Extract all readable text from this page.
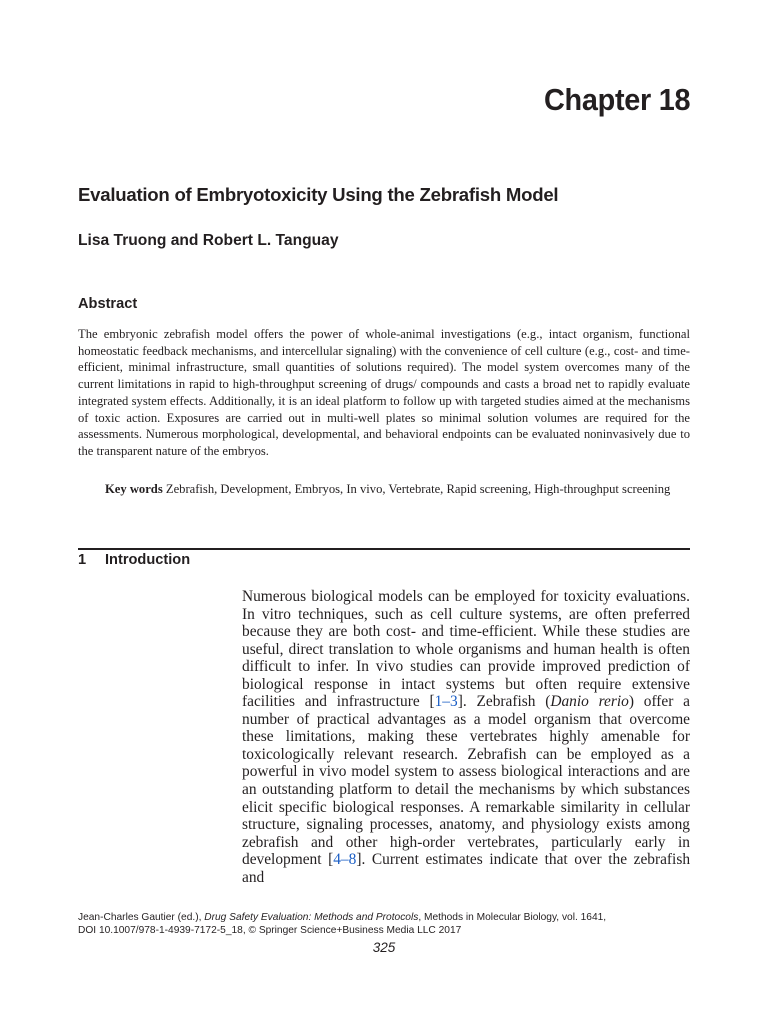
Chapter 18
Evaluation of Embryotoxicity Using the Zebrafish Model
Lisa Truong and Robert L. Tanguay
Abstract
The embryonic zebrafish model offers the power of whole-animal investigations (e.g., intact organism, functional homeostatic feedback mechanisms, and intercellular signaling) with the convenience of cell culture (e.g., cost- and time-efficient, minimal infrastructure, small quantities of solutions required). The model system overcomes many of the current limitations in rapid to high-throughput screening of drugs/ compounds and casts a broad net to rapidly evaluate integrated system effects. Additionally, it is an ideal platform to follow up with targeted studies aimed at the mechanisms of toxic action. Exposures are carried out in multi-well plates so minimal solution volumes are required for the assessments. Numerous morphological, developmental, and behavioral endpoints can be evaluated noninvasively due to the transparent nature of the embryos.
Key words Zebrafish, Development, Embryos, In vivo, Vertebrate, Rapid screening, High-throughput screening
1 Introduction
Numerous biological models can be employed for toxicity evaluations. In vitro techniques, such as cell culture systems, are often preferred because they are both cost- and time-efficient. While these studies are useful, direct translation to whole organisms and human health is often difficult to infer. In vivo studies can provide improved prediction of biological response in intact systems but often require extensive facilities and infrastructure [1–3]. Zebrafish (Danio rerio) offer a number of practical advantages as a model organism that overcome these limitations, making these vertebrates highly amenable for toxicologically relevant research. Zebrafish can be employed as a powerful in vivo model system to assess biological interactions and are an outstanding platform to detail the mechanisms by which substances elicit specific biological responses. A remarkable similarity in cellular structure, signaling processes, anatomy, and physiology exists among zebrafish and other high-order vertebrates, particularly early in development [4–8]. Current estimates indicate that over the zebrafish and
Jean-Charles Gautier (ed.), Drug Safety Evaluation: Methods and Protocols, Methods in Molecular Biology, vol. 1641,
DOI 10.1007/978-1-4939-7172-5_18, © Springer Science+Business Media LLC 2017
325
